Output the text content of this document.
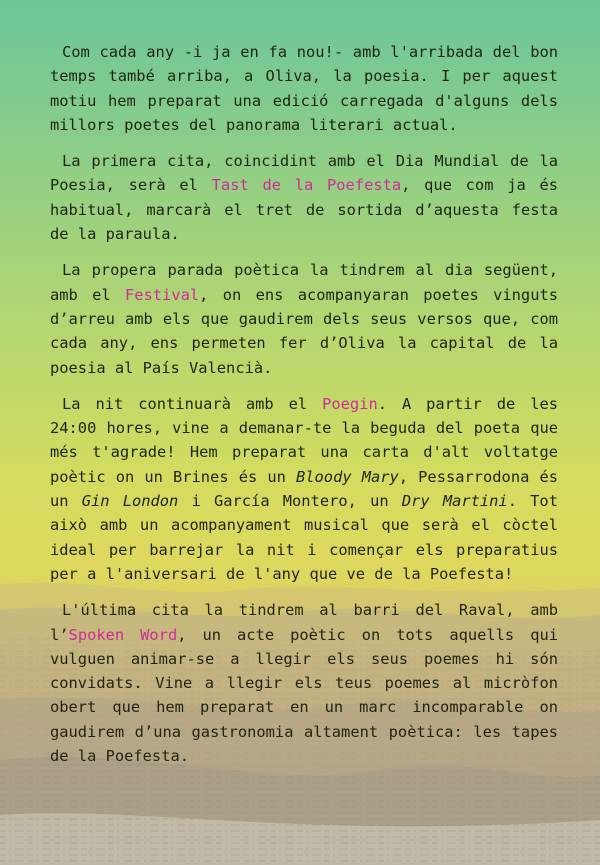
Com cada any -i ja en fa nou!- amb l'arribada del bon temps també arriba, a Oliva, la poesia. I per aquest motiu hem preparat una edició carregada d'alguns dels millors poetes del panorama literari actual.

La primera cita, coincidint amb el Dia Mundial de la Poesia, serà el Tast de la Poefesta, que com ja és habitual, marcarà el tret de sortida d’aquesta festa de la paraula.

La propera parada poètica la tindrem al dia següent, amb el Festival, on ens acompanyaran poetes vinguts d’arreu amb els que gaudirem dels seus versos que, com cada any, ens permeten fer d’Oliva la capital de la poesia al País Valencià.

La nit continuarà amb el Poegin. A partir de les 24:00 hores, vine a demanar-te la beguda del poeta que més t'agrade! Hem preparat una carta d'alt voltatge poètic on un Brines és un Bloody Mary, Pessarrodona és un Gin London i García Montero, un Dry Martini. Tot això amb un acompanyament musical que serà el còctel ideal per barrejar la nit i començar els preparatius per a l'aniversari de l'any que ve de la Poefesta!

L'última cita la tindrem al barri del Raval, amb l’Spoken Word, un acte poètic on tots aquells qui vulguen animar-se a llegir els seus poemes hi són convidats. Vine a llegir els teus poemes al micròfon obert que hem preparat en un marc incomparable on gaudirem d’una gastronomia altament poètica: les tapes de la Poefesta.
